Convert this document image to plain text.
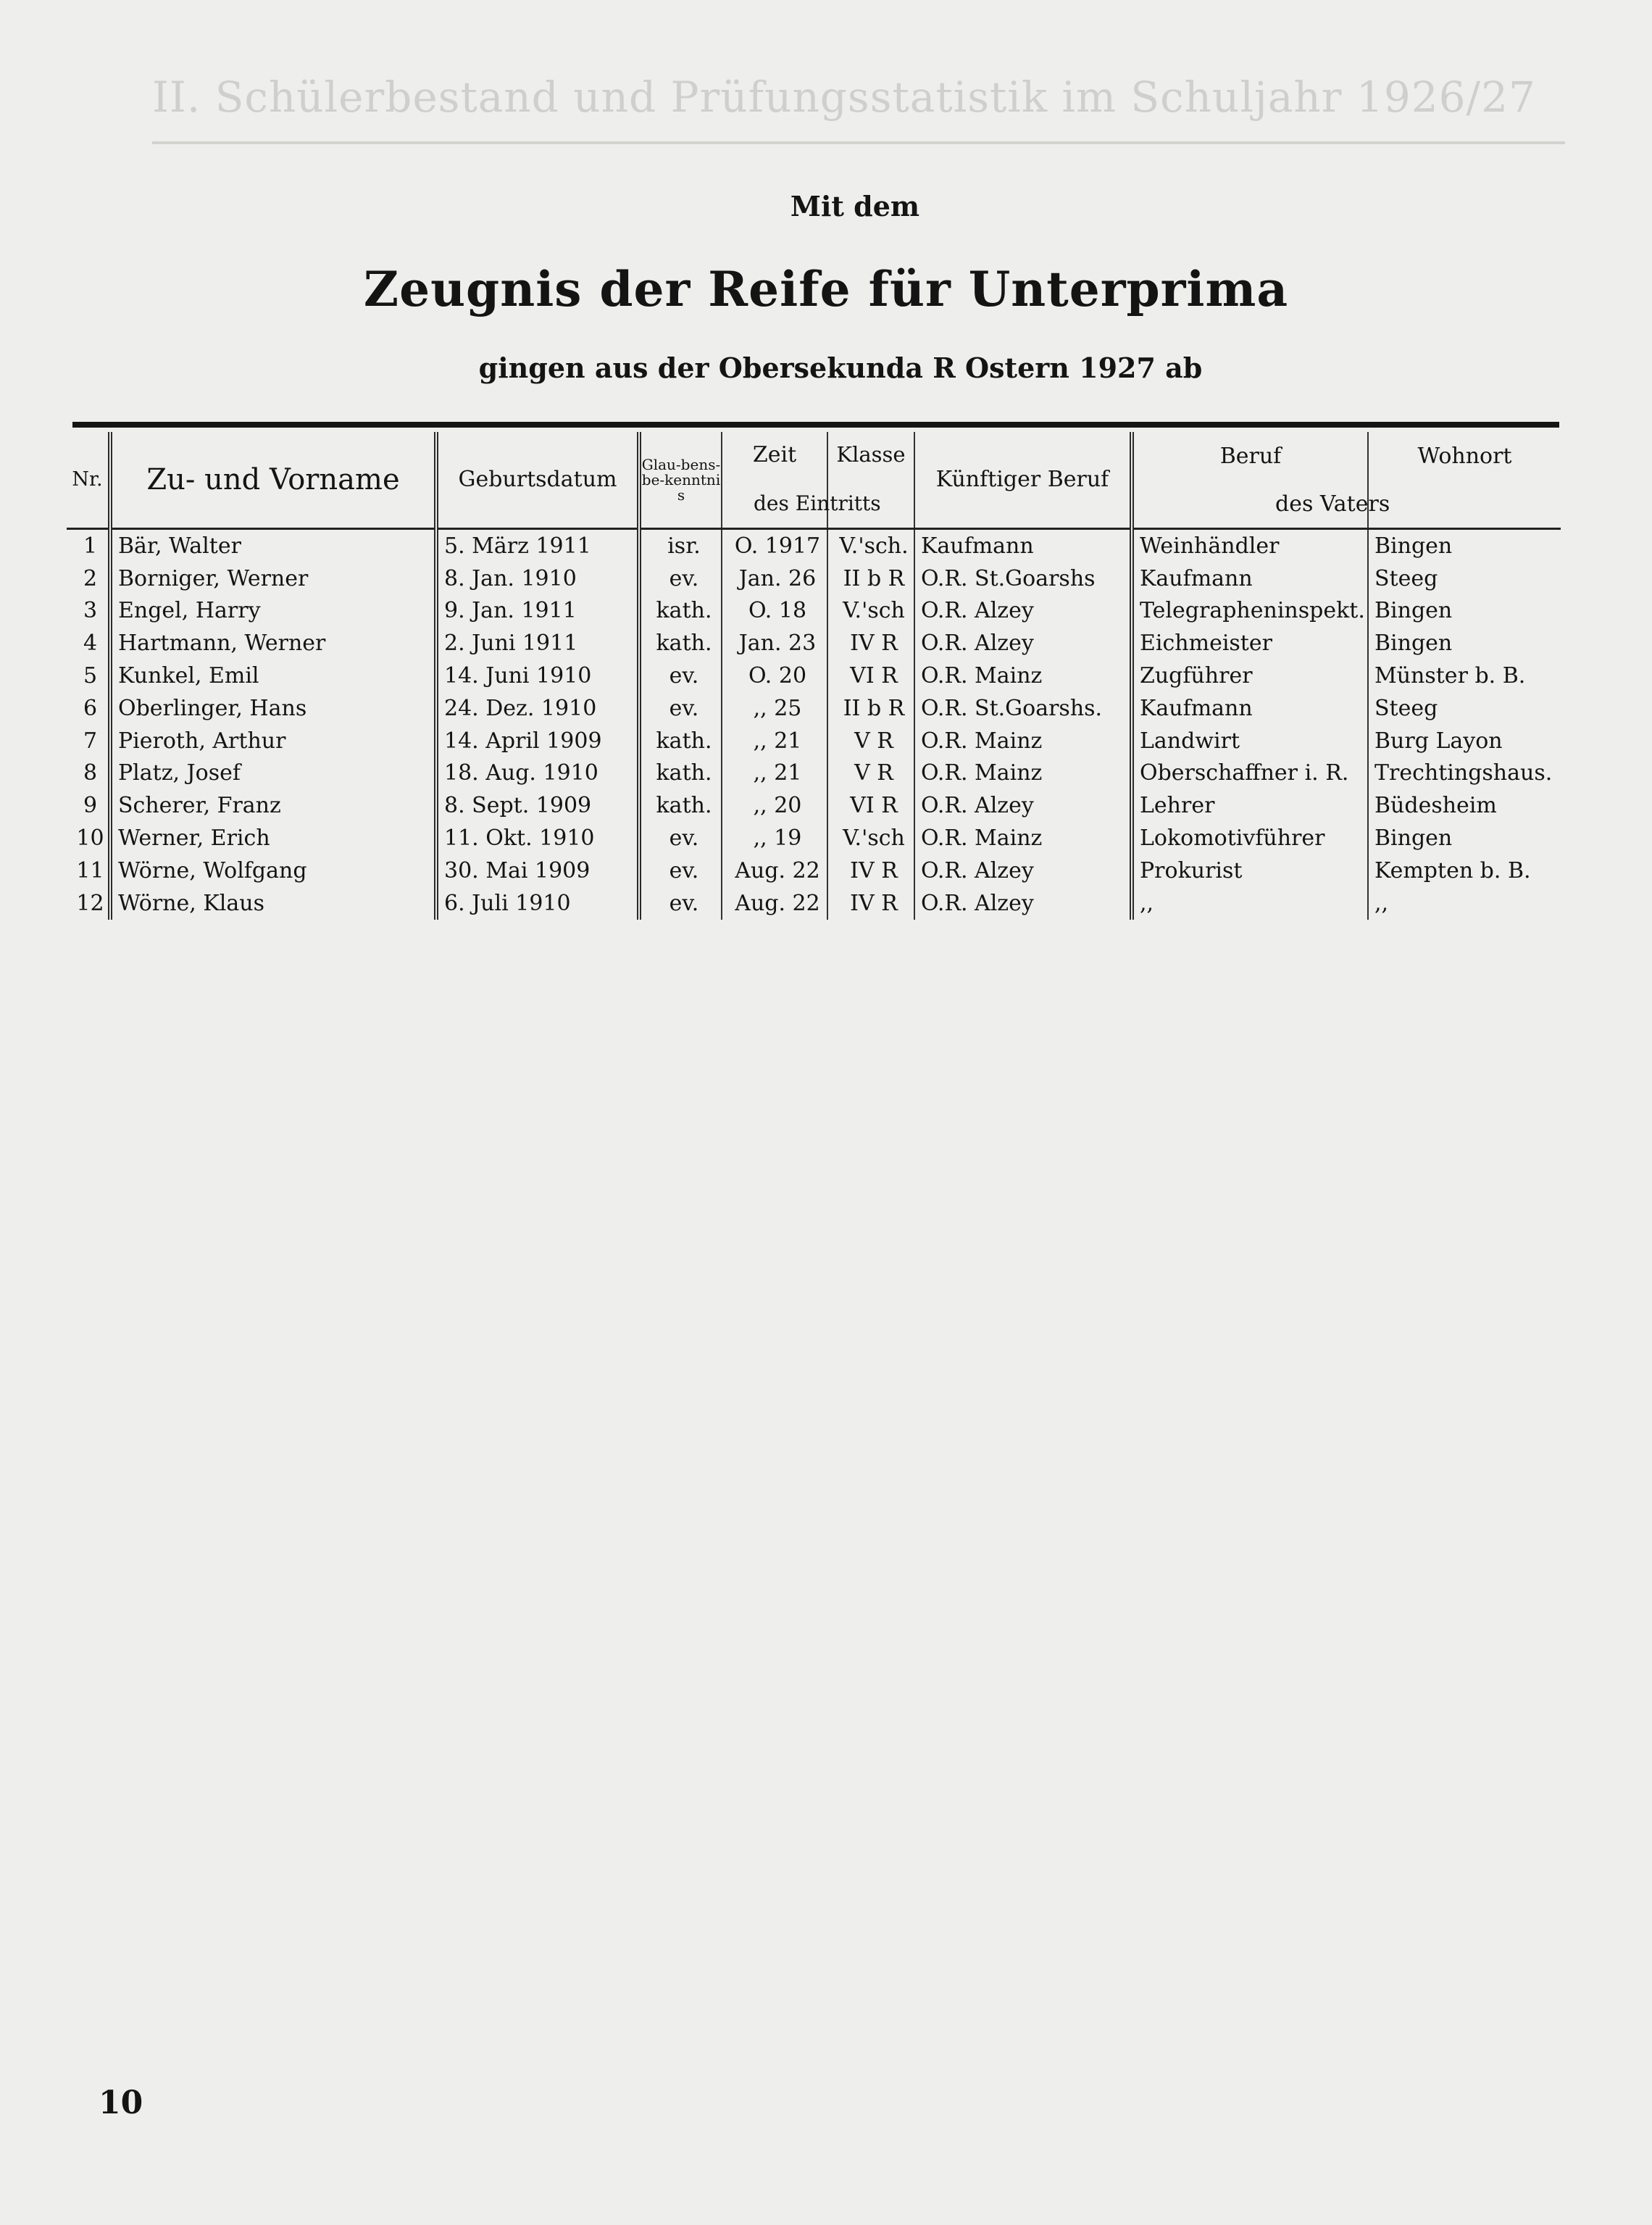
II. Schülerbestand und Prüfungsstatistik im Schuljahr 1926/27
Mit dem
Zeugnis der Reife für Unterprima
gingen aus der Obersekunda R Ostern 1927 ab
Nr.	Zu- und Vorname	Geburtsdatum	Glau-bens-be-kenntnis	Zeit	Klasse	Künftiger Beruf	Beruf	Wohnort
1	Bär, Walter	5. März 1911	isr.	O. 1917	V.'sch.	Kaufmann	Weinhändler	Bingen
2	Borniger, Werner	8. Jan. 1910	ev.	Jan. 26	II b R	O.R. St.Goarshs	Kaufmann	Steeg
3	Engel, Harry	9. Jan. 1911	kath.	O. 18	V.'sch	O.R. Alzey	Telegrapheninspekt.	Bingen
4	Hartmann, Werner	2. Juni 1911	kath.	Jan. 23	IV R	O.R. Alzey	Eichmeister	Bingen
5	Kunkel, Emil	14. Juni 1910	ev.	O. 20	VI R	O.R. Mainz	Zugführer	Münster b. B.
6	Oberlinger, Hans	24. Dez. 1910	ev.	,, 25	II b R	O.R. St.Goarshs.	Kaufmann	Steeg
7	Pieroth, Arthur	14. April 1909	kath.	,, 21	V R	O.R. Mainz	Landwirt	Burg Layon
8	Platz, Josef	18. Aug. 1910	kath.	,, 21	V R	O.R. Mainz	Oberschaffner i. R.	Trechtingshaus.
9	Scherer, Franz	8. Sept. 1909	kath.	,, 20	VI R	O.R. Alzey	Lehrer	Büdesheim
10	Werner, Erich	11. Okt. 1910	ev.	,, 19	V.'sch	O.R. Mainz	Lokomotivführer	Bingen
11	Wörne, Wolfgang	30. Mai 1909	ev.	Aug. 22	IV R	O.R. Alzey	Prokurist	Kempten b. B.
12	Wörne, Klaus	6. Juli 1910	ev.	Aug. 22	IV R	O.R. Alzey	,,	,,
des Eintritts	des Vaters
10
